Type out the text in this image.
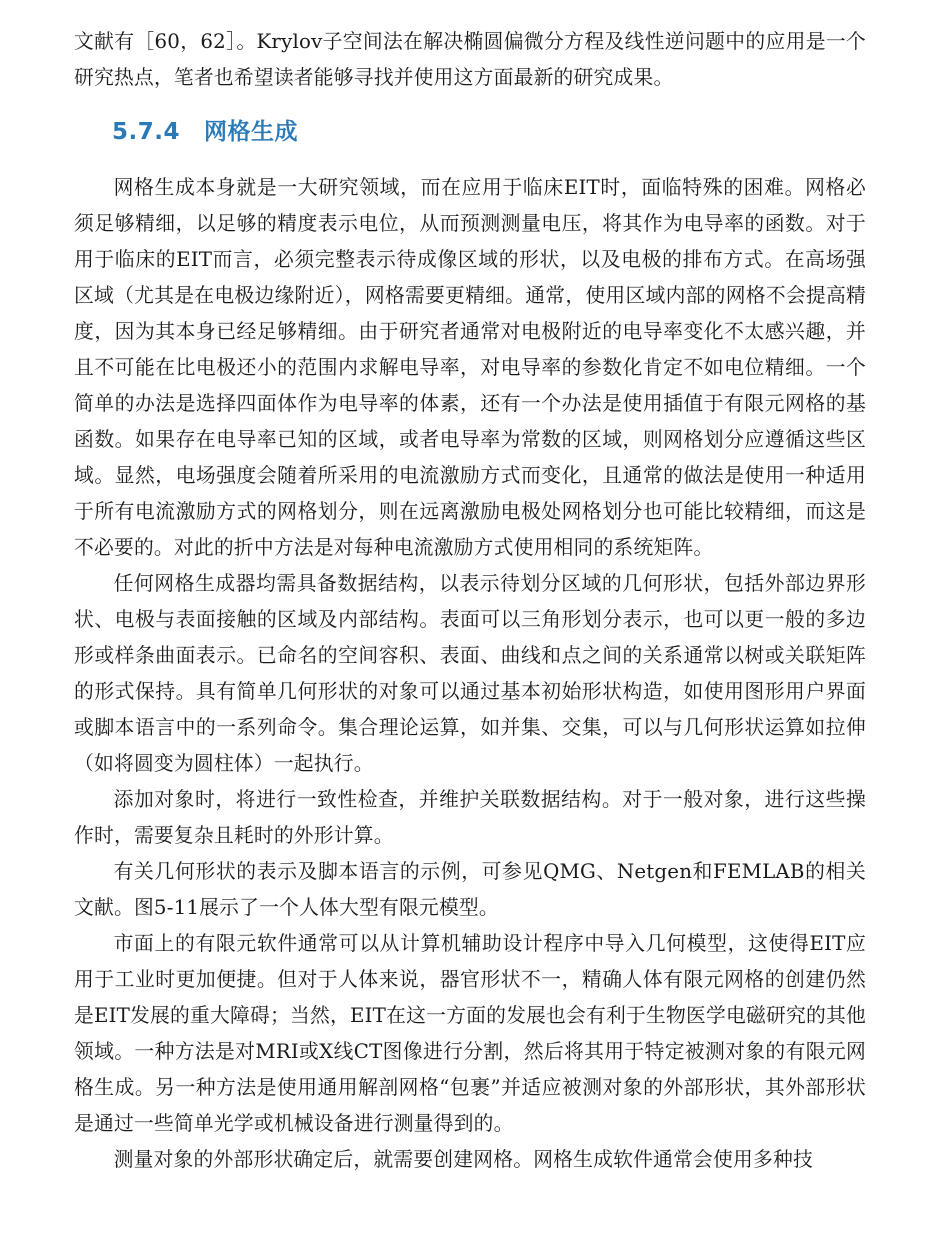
文献有［60，62］。Krylov子空间法在解决椭圆偏微分方程及线性逆问题中的应用是一个研究热点，笔者也希望读者能够寻找并使用这方面最新的研究成果。

5.7.4 网格生成

网格生成本身就是一大研究领域，而在应用于临床EIT时，面临特殊的困难。网格必须足够精细，以足够的精度表示电位，从而预测测量电压，将其作为电导率的函数。对于用于临床的EIT而言，必须完整表示待成像区域的形状，以及电极的排布方式。在高场强区域（尤其是在电极边缘附近），网格需要更精细。通常，使用区域内部的网格不会提高精度，因为其本身已经足够精细。由于研究者通常对电极附近的电导率变化不太感兴趣，并且不可能在比电极还小的范围内求解电导率，对电导率的参数化肯定不如电位精细。一个简单的办法是选择四面体作为电导率的体素，还有一个办法是使用插值于有限元网格的基函数。如果存在电导率已知的区域，或者电导率为常数的区域，则网格划分应遵循这些区域。显然，电场强度会随着所采用的电流激励方式而变化，且通常的做法是使用一种适用于所有电流激励方式的网格划分，则在远离激励电极处网格划分也可能比较精细，而这是不必要的。对此的折中方法是对每种电流激励方式使用相同的系统矩阵。

任何网格生成器均需具备数据结构，以表示待划分区域的几何形状，包括外部边界形状、电极与表面接触的区域及内部结构。表面可以三角形划分表示，也可以更一般的多边形或样条曲面表示。已命名的空间容积、表面、曲线和点之间的关系通常以树或关联矩阵的形式保持。具有简单几何形状的对象可以通过基本初始形状构造，如使用图形用户界面或脚本语言中的一系列命令。集合理论运算，如并集、交集，可以与几何形状运算如拉伸（如将圆变为圆柱体）一起执行。

添加对象时，将进行一致性检查，并维护关联数据结构。对于一般对象，进行这些操作时，需要复杂且耗时的外形计算。

有关几何形状的表示及脚本语言的示例，可参见QMG、Netgen和FEMLAB的相关文献。图5-11展示了一个人体大型有限元模型。

市面上的有限元软件通常可以从计算机辅助设计程序中导入几何模型，这使得EIT应用于工业时更加便捷。但对于人体来说，器官形状不一，精确人体有限元网格的创建仍然是EIT发展的重大障碍；当然，EIT在这一方面的发展也会有利于生物医学电磁研究的其他领域。一种方法是对MRI或X线CT图像进行分割，然后将其用于特定被测对象的有限元网格生成。另一种方法是使用通用解剖网格“包裹”并适应被测对象的外部形状，其外部形状是通过一些简单光学或机械设备进行测量得到的。

测量对象的外部形状确定后，就需要创建网格。网格生成软件通常会使用多种技
